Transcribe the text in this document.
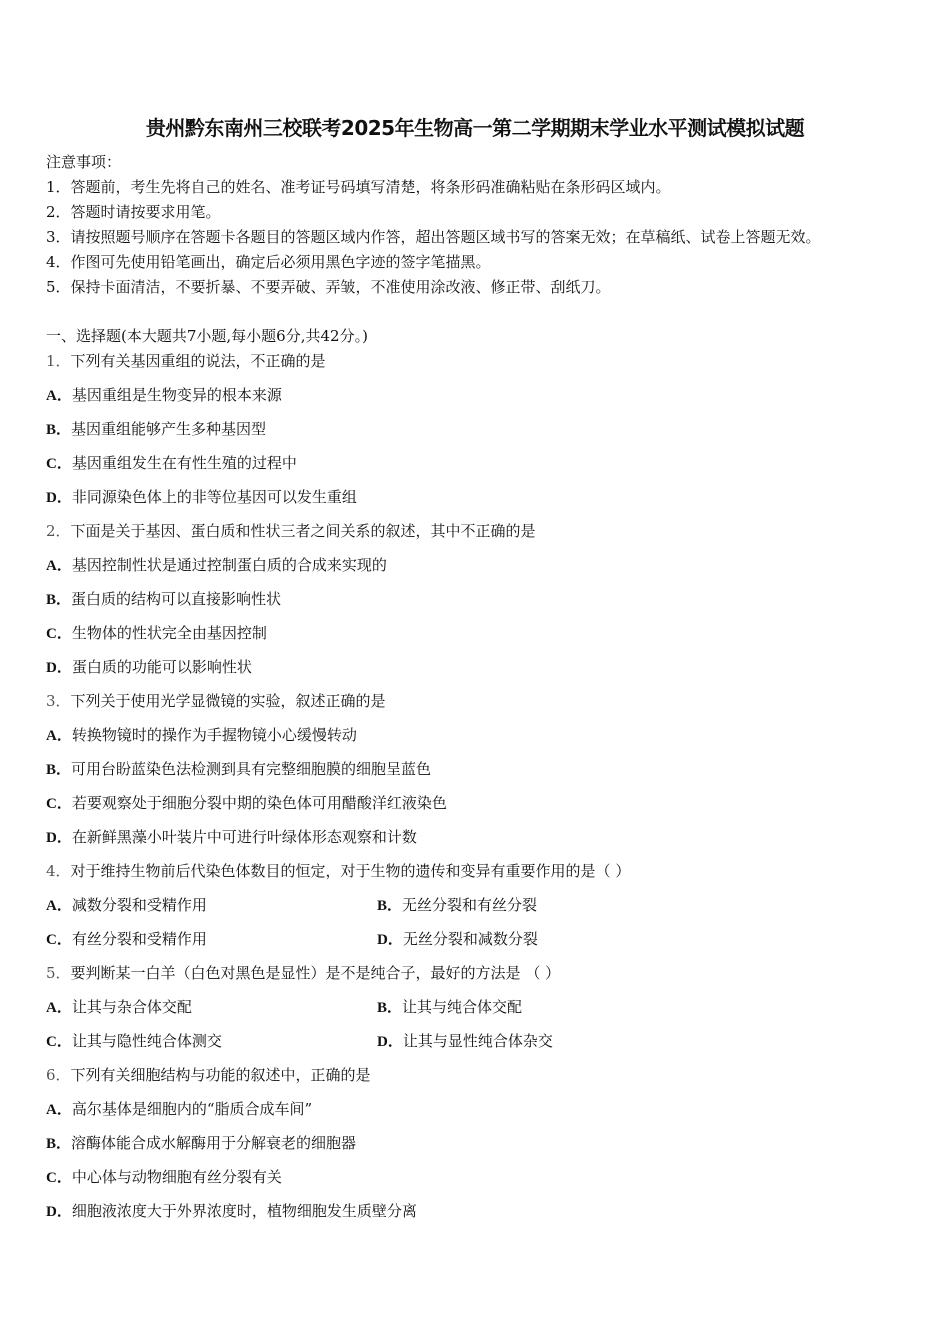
贵州黔东南州三校联考2025年生物高一第二学期期末学业水平测试模拟试题
注意事项：
1．答题前，考生先将自己的姓名、准考证号码填写清楚，将条形码准确粘贴在条形码区域内。
2．答题时请按要求用笔。
3．请按照题号顺序在答题卡各题目的答题区域内作答，超出答题区域书写的答案无效；在草稿纸、试卷上答题无效。
4．作图可先使用铅笔画出，确定后必须用黑色字迹的签字笔描黑。
5．保持卡面清洁，不要折暴、不要弄破、弄皱，不准使用涂改液、修正带、刮纸刀。
一、选择题(本大题共7小题,每小题6分,共42分。)
1．下列有关基因重组的说法，不正确的是
A．基因重组是生物变异的根本来源
B．基因重组能够产生多种基因型
C．基因重组发生在有性生殖的过程中
D．非同源染色体上的非等位基因可以发生重组
2．下面是关于基因、蛋白质和性状三者之间关系的叙述，其中不正确的是
A．基因控制性状是通过控制蛋白质的合成来实现的
B．蛋白质的结构可以直接影响性状
C．生物体的性状完全由基因控制
D．蛋白质的功能可以影响性状
3．下列关于使用光学显微镜的实验，叙述正确的是
A．转换物镜时的操作为手握物镜小心缓慢转动
B．可用台盼蓝染色法检测到具有完整细胞膜的细胞呈蓝色
C．若要观察处于细胞分裂中期的染色体可用醋酸洋红液染色
D．在新鲜黑藻小叶装片中可进行叶绿体形态观察和计数
4．对于维持生物前后代染色体数目的恒定，对于生物的遗传和变异有重要作用的是（ ）
A．减数分裂和受精作用	B．无丝分裂和有丝分裂
C．有丝分裂和受精作用	D．无丝分裂和减数分裂
5．要判断某一白羊（白色对黑色是显性）是不是纯合子，最好的方法是 （ ）
A．让其与杂合体交配	B．让其与纯合体交配
C．让其与隐性纯合体测交	D．让其与显性纯合体杂交
6．下列有关细胞结构与功能的叙述中，正确的是
A．高尔基体是细胞内的“脂质合成车间”
B．溶酶体能合成水解酶用于分解衰老的细胞器
C．中心体与动物细胞有丝分裂有关
D．细胞液浓度大于外界浓度时，植物细胞发生质壁分离
